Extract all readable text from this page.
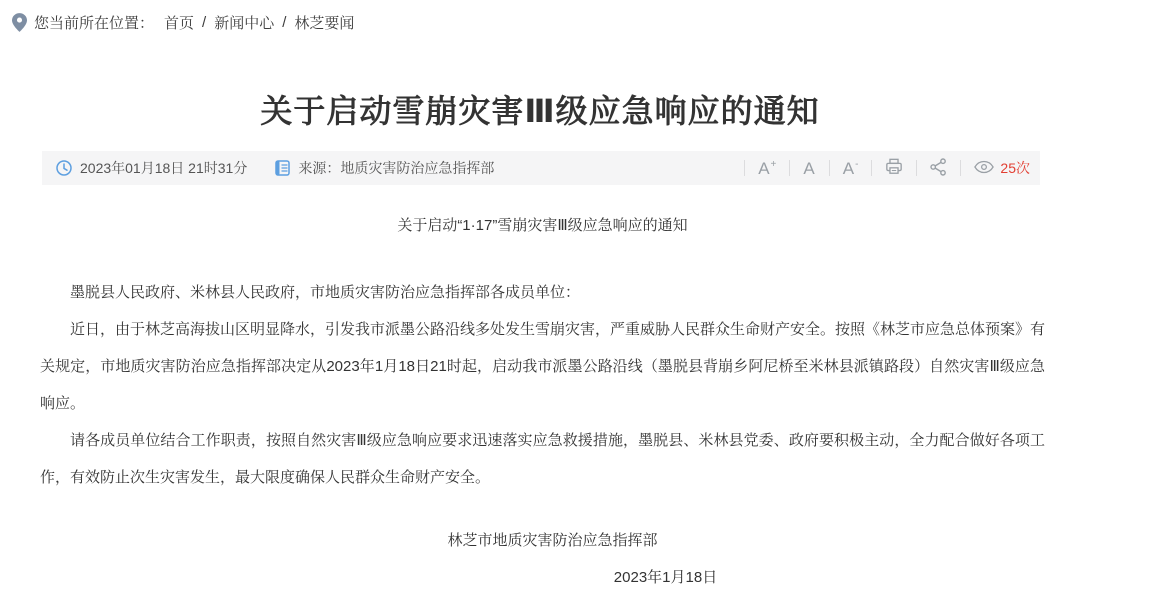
您当前所在位置： 首页 / 新闻中心 / 林芝要闻
关于启动雪崩灾害Ⅲ级应急响应的通知
2023年01月18日 21时31分	来源：地质灾害防治应急指挥部	A+ A A-	25次

关于启动“1·17”雪崩灾害Ⅲ级应急响应的通知

墨脱县人民政府、米林县人民政府，市地质灾害防治应急指挥部各成员单位：

近日，由于林芝高海拔山区明显降水，引发我市派墨公路沿线多处发生雪崩灾害，严重威胁人民群众生命财产安全。按照《林芝市应急总体预案》有关规定，市地质灾害防治应急指挥部决定从2023年1月18日21时起，启动我市派墨公路沿线（墨脱县背崩乡阿尼桥至米林县派镇路段）自然灾害Ⅲ级应急响应。

请各成员单位结合工作职责，按照自然灾害Ⅲ级应急响应要求迅速落实应急救援措施，墨脱县、米林县党委、政府要积极主动，全力配合做好各项工作，有效防止次生灾害发生，最大限度确保人民群众生命财产安全。

林芝市地质灾害防治应急指挥部

2023年1月18日
